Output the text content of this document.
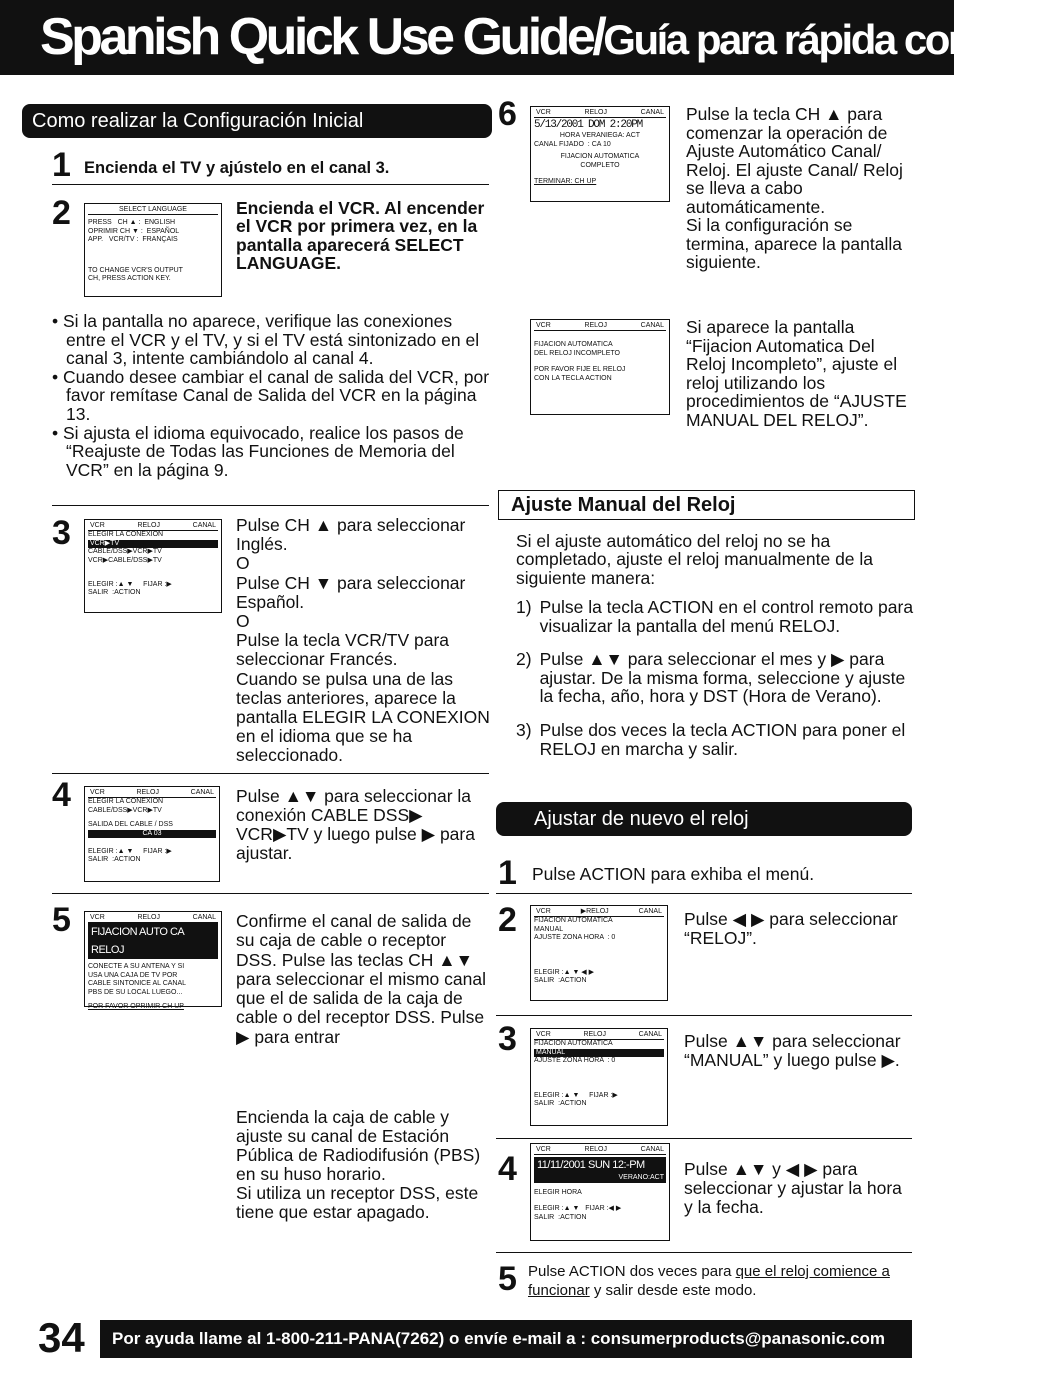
Spanish Quick Use Guide/Guía para rápida consulta
Como realizar la Configuración Inicial
1 Encienda el TV y ajústelo en el canal 3.
2	SELECT LANGUAGE
PRESS   CH ▲ :  ENGLISH
OPRIMIR CH ▼ :  ESPAÑOL
APP.   VCR/TV :  FRANÇAIS
TO CHANGE VCR'S OUTPUT
CH, PRESS ACTION KEY.
Encienda el VCR. Al encender el VCR por primera vez, en la pantalla aparecerá SELECT LANGUAGE.
• Si la pantalla no aparece, verifique las conexiones entre el VCR y el TV, y si el TV está sintonizado en el canal 3, intente cambiándolo al canal 4.
• Cuando desee cambiar el canal de salida del VCR, por favor remítase Canal de Salida del VCR en la página 13.
• Si ajusta el idioma equivocado, realice los pasos de “Reajuste de Todas las Funciones de Memoria del VCR” en la página 9.
3	VCR	RELOJ	CANAL
ELEGIR LA CONEXION
VCR▶TV
CABLE/DSS▶VCR▶TV
VCR▶CABLE/DSS▶TV
ELEGIR :▲ ▼     FIJAR :▶
SALIR  :ACTION
Pulse CH ▲ para seleccionar Inglés.
O
Pulse CH ▼ para seleccionar Español.
O
Pulse la tecla VCR/TV para seleccionar Francés.
Cuando se pulsa una de las teclas anteriores, aparece la pantalla ELEGIR LA CONEXION en el idioma que se ha seleccionado.
4	VCR	RELOJ	CANAL
ELEGIR LA CONEXION
CABLE/DSS▶VCR▶TV
SALIDA DEL CABLE / DSS
CA 03
ELEGIR :▲ ▼     FIJAR :▶
SALIR  :ACTION
Pulse ▲▼ para seleccionar la conexión CABLE DSS▶ VCR▶TV y luego pulse ▶ para ajustar.
5	VCR	RELOJ	CANAL
FIJACION AUTO CA RELOJ
CONECTE A SU ANTENA Y SI
USA UNA CAJA DE TV POR
CABLE SINTONICE AL CANAL
PBS DE SU LOCAL LUEGO...
POR FAVOR OPRIMIR CH UP
Confirme el canal de salida de su caja de cable o receptor DSS. Pulse las teclas CH ▲▼ para seleccionar el mismo canal que el de salida de la caja de cable o del receptor DSS. Pulse ▶ para entrar
Encienda la caja de cable y ajuste su canal de Estación Pública de Radiodifusión (PBS) en su huso horario.
Si utiliza un receptor DSS, este tiene que estar apagado.
6	VCR	RELOJ	CANAL
5/13/2001 DOM 2:20PM
HORA VERANIEGA: ACT
CANAL FIJADO  : CA 10
FIJACION AUTOMATICA
COMPLETO
TERMINAR: CH UP
Pulse la tecla CH ▲ para comenzar la operación de Ajuste Automático Canal/ Reloj. El ajuste Canal/ Reloj se lleva a cabo automáticamente.
Si la configuración se termina, aparece la pantalla siguiente.
VCR	RELOJ	CANAL
FIJACION AUTOMATICA
DEL RELOJ INCOMPLETO
POR FAVOR FIJE EL RELOJ
CON LA TECLA ACTION
Si aparece la pantalla “Fijacion Automatica Del Reloj Incompleto”, ajuste el reloj utilizando los procedimientos de “AJUSTE MANUAL DEL RELOJ”.
Ajuste Manual del Reloj
Si el ajuste automático del reloj no se ha completado, ajuste el reloj manualmente de la siguiente manera:
1) Pulse la tecla ACTION en el control remoto para visualizar la pantalla del menú RELOJ.
2) Pulse ▲▼ para seleccionar el mes y ▶ para ajustar. De la misma forma, seleccione y ajuste la fecha, año, hora y DST (Hora de Verano).
3) Pulse dos veces la tecla ACTION para poner el RELOJ en marcha y salir.
Ajustar de nuevo el reloj
1 Pulse ACTION para exhiba el menú.
2	VCR	▶RELOJ	CANAL
FIJACION AUTOMATICA
MANUAL
AJUSTE ZONA HORA  : 0
ELEGIR :▲ ▼ ◀ ▶
SALIR  :ACTION
Pulse ◀ ▶ para seleccionar “RELOJ”.
3	VCR	RELOJ	CANAL
FIJACION AUTOMATICA
MANUAL
AJUSTE ZONA HORA  : 0
ELEGIR :▲ ▼     FIJAR :▶
SALIR  :ACTION
Pulse ▲▼ para seleccionar “MANUAL” y luego pulse ▶.
4
VCR	RELOJ	CANAL
11/11/2001 SUN 12:-PM
VERANO:ACT
ELEGIR HORA
ELEGIR :▲ ▼   FIJAR :◀ ▶
SALIR  :ACTION
Pulse ▲▼ y ◀ ▶ para seleccionar y ajustar la hora y la fecha.
5 Pulse ACTION dos veces para que el reloj comience a funcionar y salir desde este modo.
34	Por ayuda llame al 1-800-211-PANA(7262) o envíe e-mail a : consumerproducts@panasonic.com
